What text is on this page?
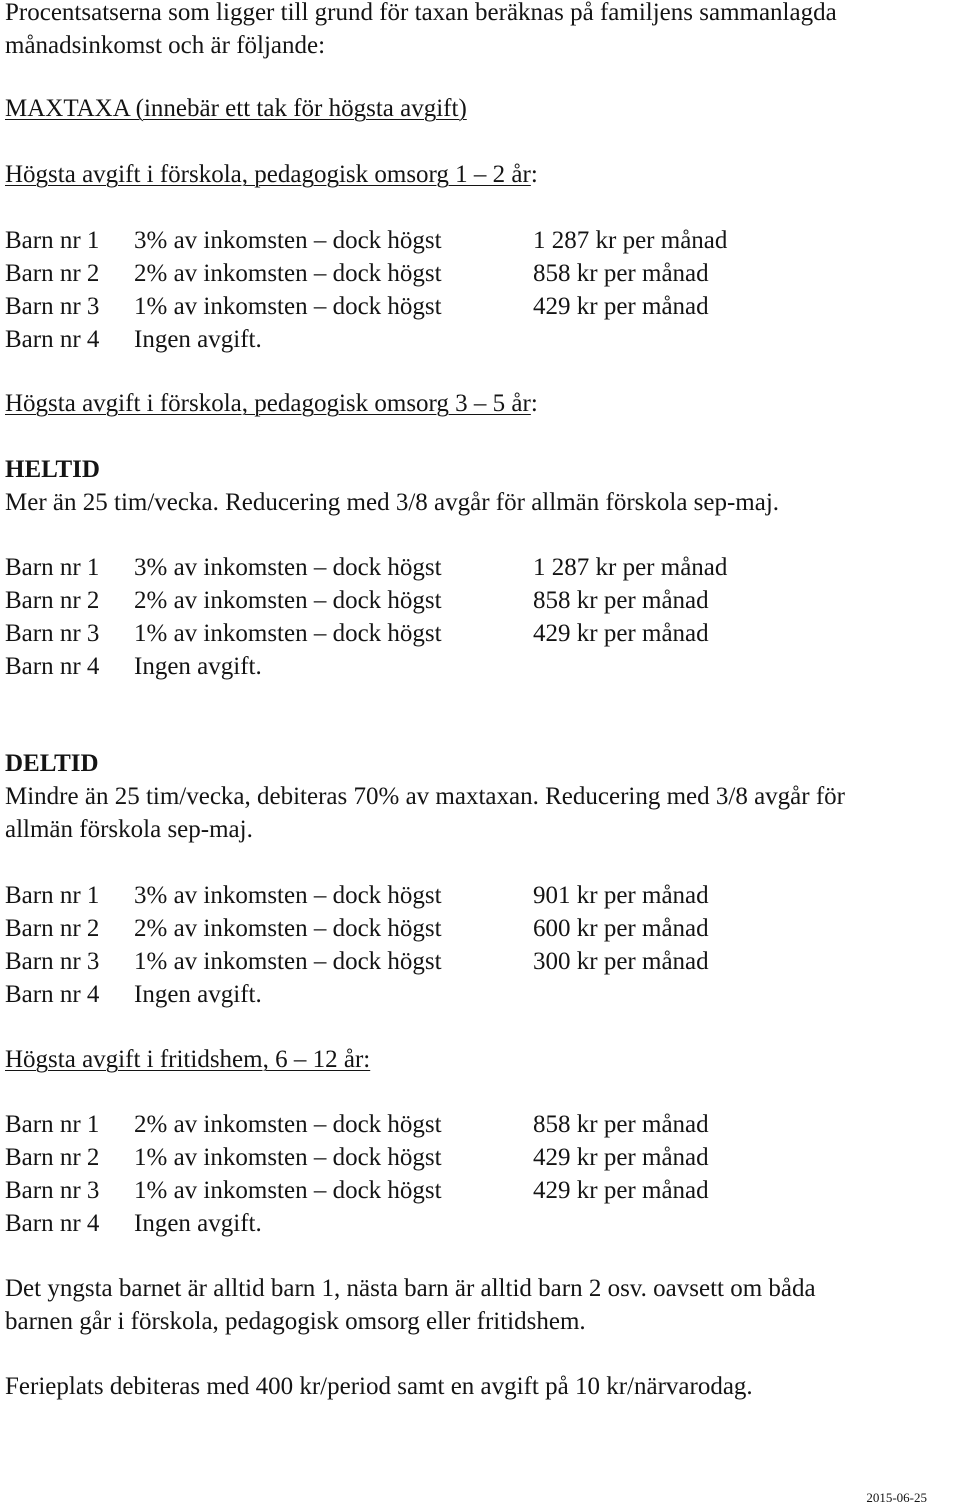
Procentsatserna som ligger till grund för taxan beräknas på familjens sammanlagda
månadsinkomst och är följande:
MAXTAXA (innebär ett tak för högsta avgift)
Högsta avgift i förskola, pedagogisk omsorg 1 – 2 år:
Barn nr 1 3% av inkomsten – dock högst	1 287 kr per månad
Barn nr 2 2% av inkomsten – dock högst	858 kr per månad
Barn nr 3 1% av inkomsten – dock högst	429 kr per månad
Barn nr 4 Ingen avgift.
Högsta avgift i förskola, pedagogisk omsorg 3 – 5 år:
HELTID
Mer än 25 tim/vecka. Reducering med 3/8 avgår för allmän förskola sep-maj.
Barn nr 1 3% av inkomsten – dock högst	1 287 kr per månad
Barn nr 2 2% av inkomsten – dock högst	858 kr per månad
Barn nr 3 1% av inkomsten – dock högst	429 kr per månad
Barn nr 4 Ingen avgift.
DELTID
Mindre än 25 tim/vecka, debiteras 70% av maxtaxan. Reducering med 3/8 avgår för
allmän förskola sep-maj.
Barn nr 1 3% av inkomsten – dock högst	901 kr per månad
Barn nr 2 2% av inkomsten – dock högst	600 kr per månad
Barn nr 3 1% av inkomsten – dock högst	300 kr per månad
Barn nr 4 Ingen avgift.
Högsta avgift i fritidshem, 6 – 12 år:
Barn nr 1 2% av inkomsten – dock högst	858 kr per månad
Barn nr 2 1% av inkomsten – dock högst	429 kr per månad
Barn nr 3 1% av inkomsten – dock högst	429 kr per månad
Barn nr 4 Ingen avgift.
Det yngsta barnet är alltid barn 1, nästa barn är alltid barn 2 osv. oavsett om båda
barnen går i förskola, pedagogisk omsorg eller fritidshem.
Ferieplats debiteras med 400 kr/period samt en avgift på 10 kr/närvarodag.
2015-06-25
